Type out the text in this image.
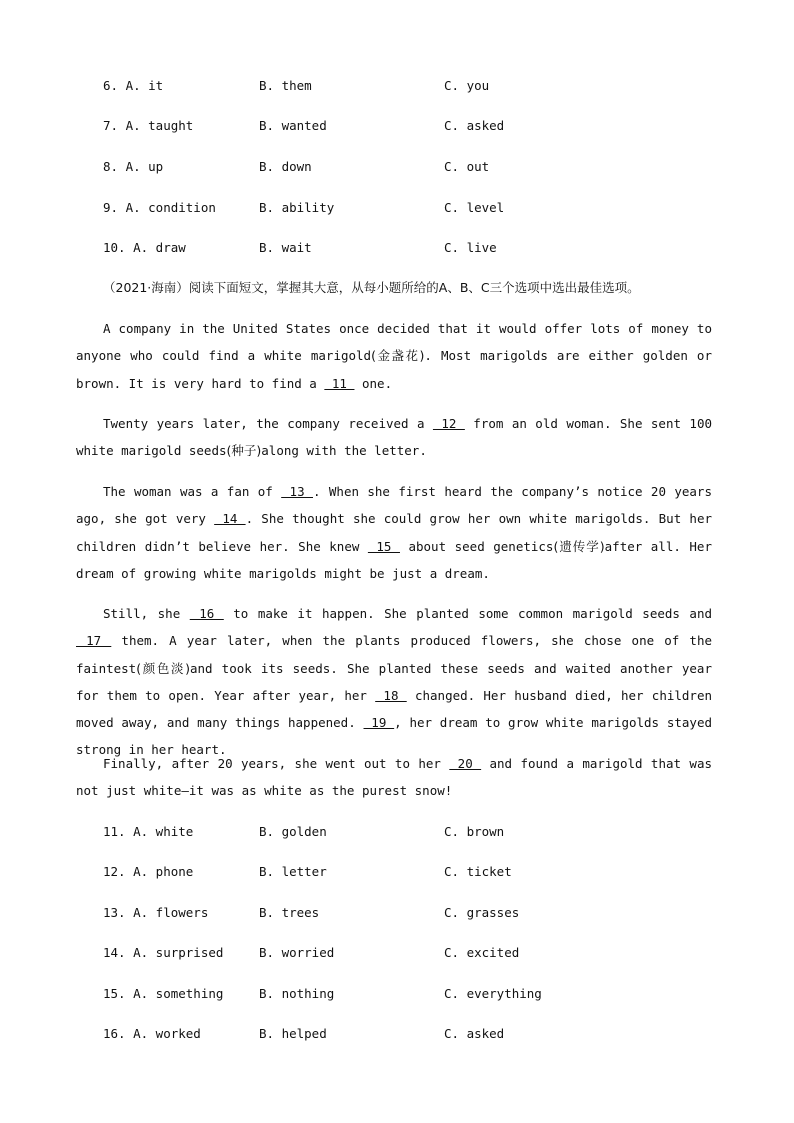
6. A. it	B. them	C. you
7. A. taught	B. wanted	C. asked
8. A. up	B. down	C. out
9. A. condition	B. ability	C. level
10. A. draw	B. wait	C. live
（2021·海南）阅读下面短文，掌握其大意，从每小题所给的A、B、C三个选项中选出最佳选项。
A company in the United States once decided that it would offer lots of money to anyone who could find a white marigold(金盏花). Most marigolds are either golden or brown. It is very hard to find a  11  one.
Twenty years later, the company received a  12  from an old woman. She sent 100 white marigold seeds(种子)along with the letter.
The woman was a fan of  13 . When she first heard the company’s notice 20 years ago, she got very  14 . She thought she could grow her own white marigolds. But her children didn’t believe her. She knew  15  about seed genetics(遗传学)after all. Her dream of growing white marigolds might be just a dream.
Still, she  16  to make it happen. She planted some common marigold seeds and  17  them. A year later, when the plants produced flowers, she chose one of the faintest(颜色淡)and took its seeds. She planted these seeds and waited another year for them to open. Year after year, her  18  changed. Her husband died, her children moved away, and many things happened.  19 , her dream to grow white marigolds stayed strong in her heart.
Finally, after 20 years, she went out to her  20  and found a marigold that was not just white—it was as white as the purest snow!
11. A. white	B. golden	C. brown
12. A. phone	B. letter	C. ticket
13. A. flowers	B. trees	C. grasses
14. A. surprised	B. worried	C. excited
15. A. something	B. nothing	C. everything
16. A. worked	B. helped	C. asked
